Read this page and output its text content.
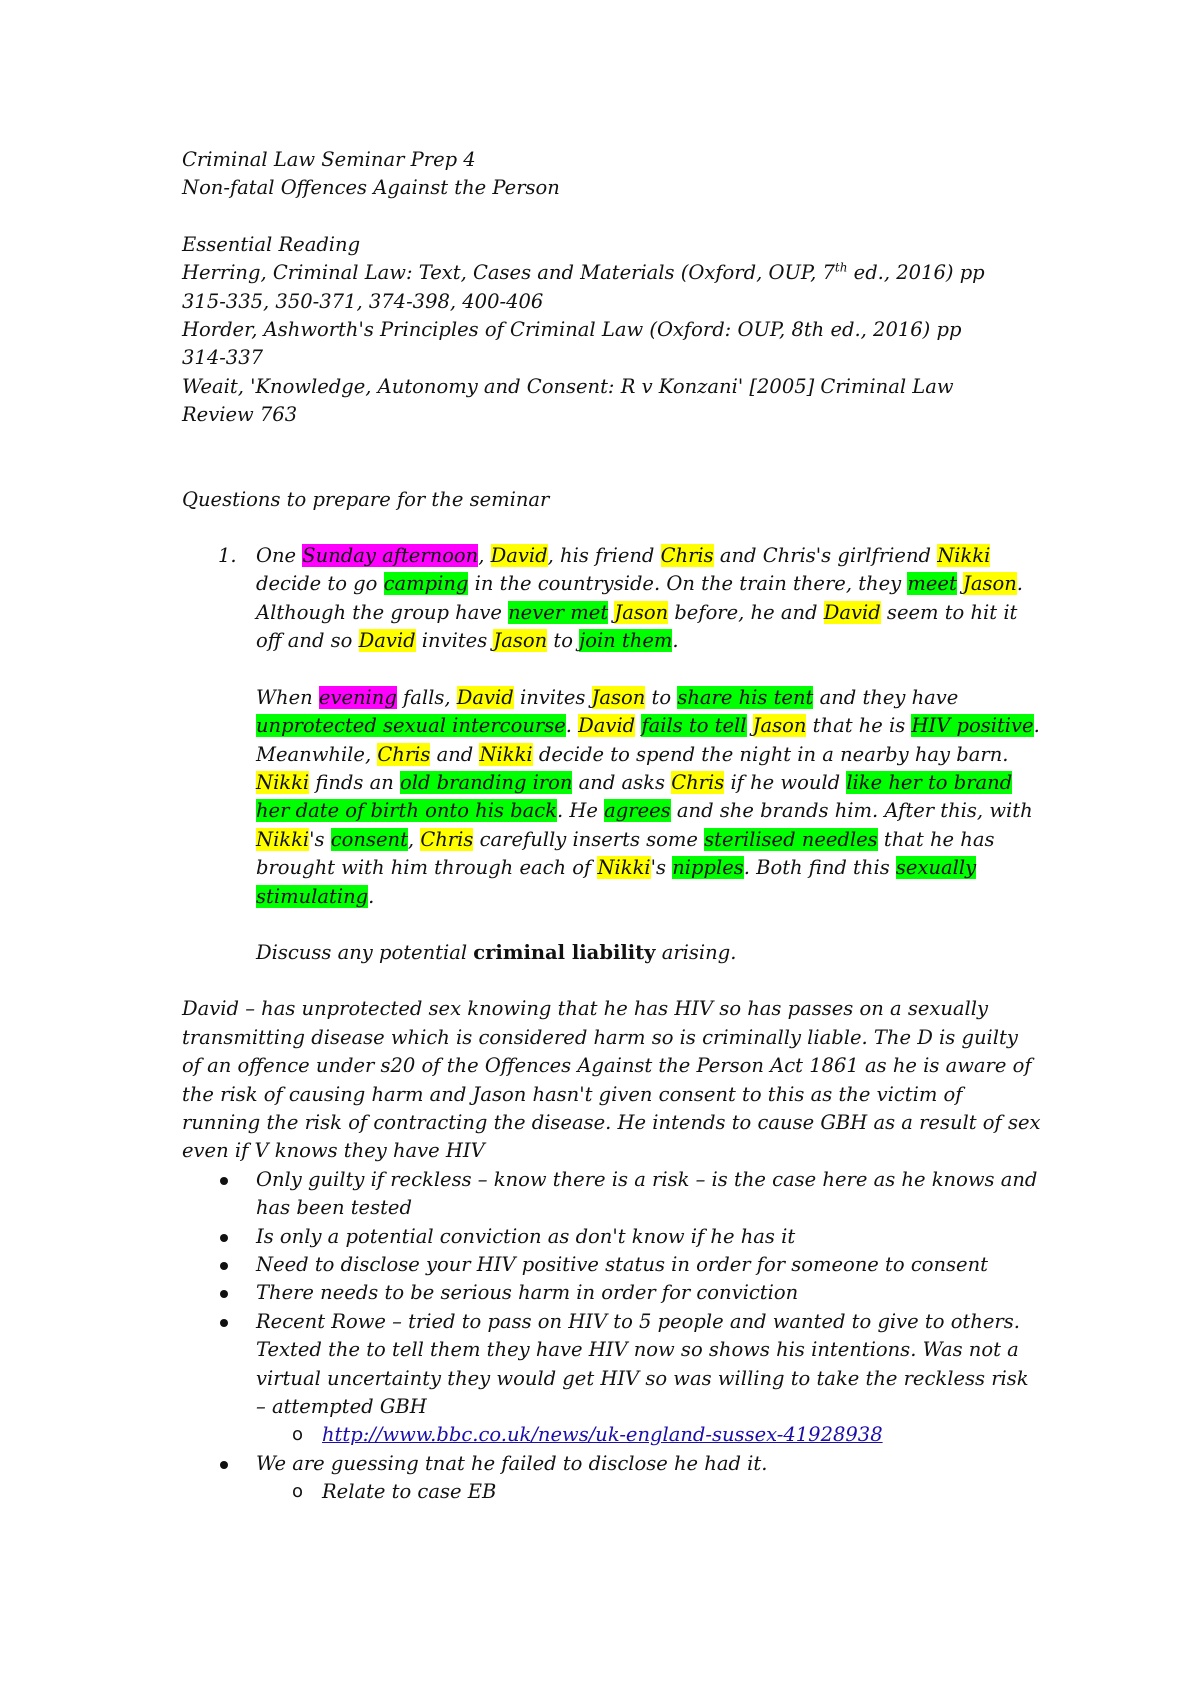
Criminal Law Seminar Prep 4

Non-fatal Offences Against the Person

Essential Reading

Herring, Criminal Law: Text, Cases and Materials (Oxford, OUP, 7th ed., 2016) pp

315-335, 350-371, 374-398, 400-406

Horder, Ashworth's Principles of Criminal Law (Oxford: OUP, 8th ed., 2016) pp

314-337

Weait, 'Knowledge, Autonomy and Consent: R v Konzani' [2005] Criminal Law

Review 763

Questions to prepare for the seminar

1. One Sunday afternoon, David, his friend Chris and Chris's girlfriend Nikki decide to go camping in the countryside. On the train there, they meet Jason. Although the group have never met Jason before, he and David seem to hit it off and so David invites Jason to join them.

When evening falls, David invites Jason to share his tent and they have unprotected sexual intercourse. David fails to tell Jason that he is HIV positive. Meanwhile, Chris and Nikki decide to spend the night in a nearby hay barn. Nikki finds an old branding iron and asks Chris if he would like her to brand her date of birth onto his back. He agrees and she brands him. After this, with Nikki's consent, Chris carefully inserts some sterilised needles that he has brought with him through each of Nikki's nipples. Both find this sexually stimulating.

Discuss any potential criminal liability arising.

David – has unprotected sex knowing that he has HIV so has passes on a sexually transmitting disease which is considered harm so is criminally liable. The D is guilty of an offence under s20 of the Offences Against the Person Act 1861 as he is aware of the risk of causing harm and Jason hasn't given consent to this as the victim of running the risk of contracting the disease. He intends to cause GBH as a result of sex even if V knows they have HIV

Only guilty if reckless – know there is a risk – is the case here as he knows and has been tested
Is only a potential conviction as don't know if he has it
Need to disclose your HIV positive status in order for someone to consent
There needs to be serious harm in order for conviction
Recent Rowe – tried to pass on HIV to 5 people and wanted to give to others. Texted the to tell them they have HIV now so shows his intentions. Was not a virtual uncertainty they would get HIV so was willing to take the reckless risk – attempted GBH
o http://www.bbc.co.uk/news/uk-england-sussex-41928938
We are guessing tnat he failed to disclose he had it.
o Relate to case EB
